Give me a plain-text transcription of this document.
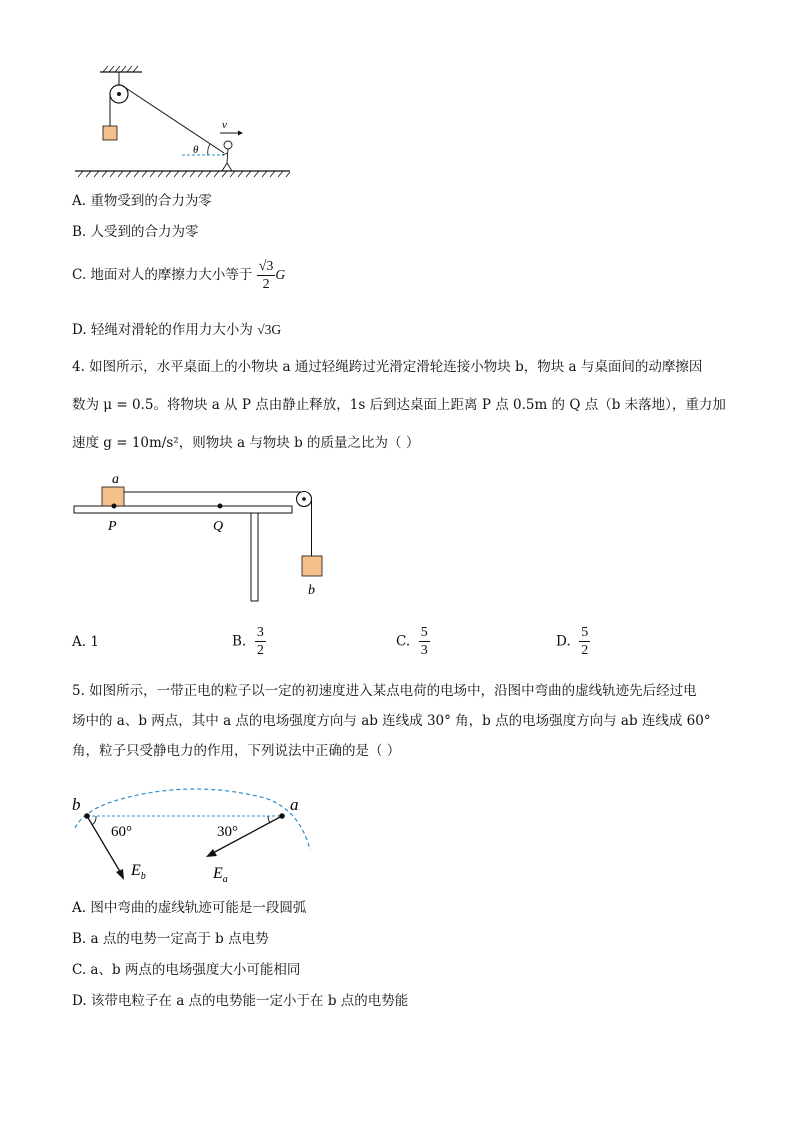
θ
v
A. 重物受到的合力为零
B. 人受到的合力为零
C. 地面对人的摩擦力大小等于 $\frac{√3}{2}$ G
D. 轻绳对滑轮的作用力大小为 √3G
4. 如图所示，水平桌面上的小物块 a 通过轻绳跨过光滑定滑轮连接小物块 b，物块 a 与桌面间的动摩擦因
数为 μ = 0.5。将物块 a 从 P 点由静止释放，1s 后到达桌面上距离 P 点 0.5m 的 Q 点（b 未落地），重力加
速度 g = 10m/s²，则物块 a 与物块 b 的质量之比为（ ）
a
b
P	Q
A. 1	B. $\frac{3}{2}$	C. $\frac{5}{3}$	D. $\frac{5}{2}$
5. 如图所示，一带正电的粒子以一定的初速度进入某点电荷的电场中，沿图中弯曲的虚线轨迹先后经过电
场中的 a、b 两点，其中 a 点的电场强度方向与 ab 连线成 30° 角，b 点的电场强度方向与 ab 连线成 60°
角，粒子只受静电力的作用，下列说法中正确的是（ ）
b	a
60°
$E_b$
30°
$E_a$
A. 图中弯曲的虚线轨迹可能是一段圆弧
B. a 点的电势一定高于 b 点电势
C. a、b 两点的电场强度大小可能相同
D. 该带电粒子在 a 点的电势能一定小于在 b 点的电势能
